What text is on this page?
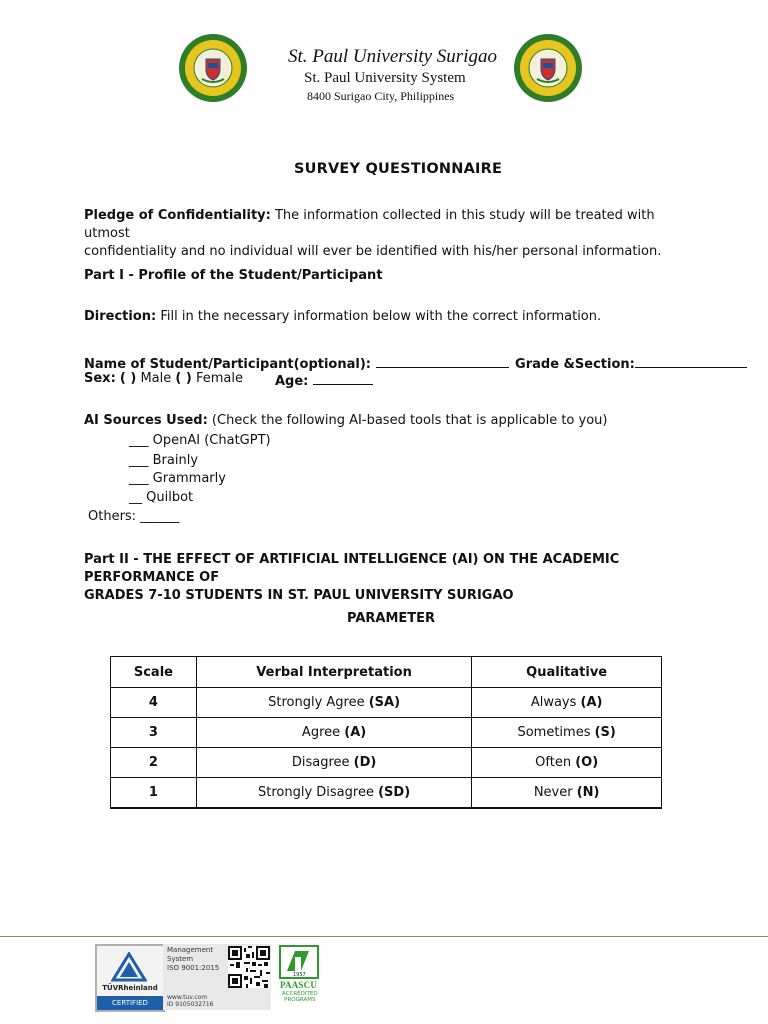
St. Paul University Surigao
St. Paul University System
8400 Surigao City, Philippines
SURVEY QUESTIONNAIRE
Pledge of Confidentiality: The information collected in this study will be treated with utmost
confidentiality and no individual will ever be identified with his/her personal information.
Part I - Profile of the Student/Participant
Direction: Fill in the necessary information below with the correct information.
Name of Student/Participant(optional):	Grade &Section:
Sex: ( ) Male ( ) Female Age:
AI Sources Used: (Check the following AI-based tools that is applicable to you)
___ OpenAI (ChatGPT)
___ Brainly
___ Grammarly
__ Quilbot
Others: ______
Part II - THE EFFECT OF ARTIFICIAL INTELLIGENCE (AI) ON THE ACADEMIC PERFORMANCE OF
GRADES 7-10 STUDENTS IN ST. PAUL UNIVERSITY SURIGAO
PARAMETER
Scale	Verbal Interpretation	Qualitative
4	Strongly Agree (SA)	Always (A)
3	Agree (A)	Sometimes (S)
2	Disagree (D)	Often (O)
1	Strongly Disagree (SD)	Never (N)
TÜVRheinland
CERTIFIED
Management
System
ISO 9001:2015
www.tuv.com
ID 9105032716
1957
PAASCU
ACCREDITED
PROGRAMS
